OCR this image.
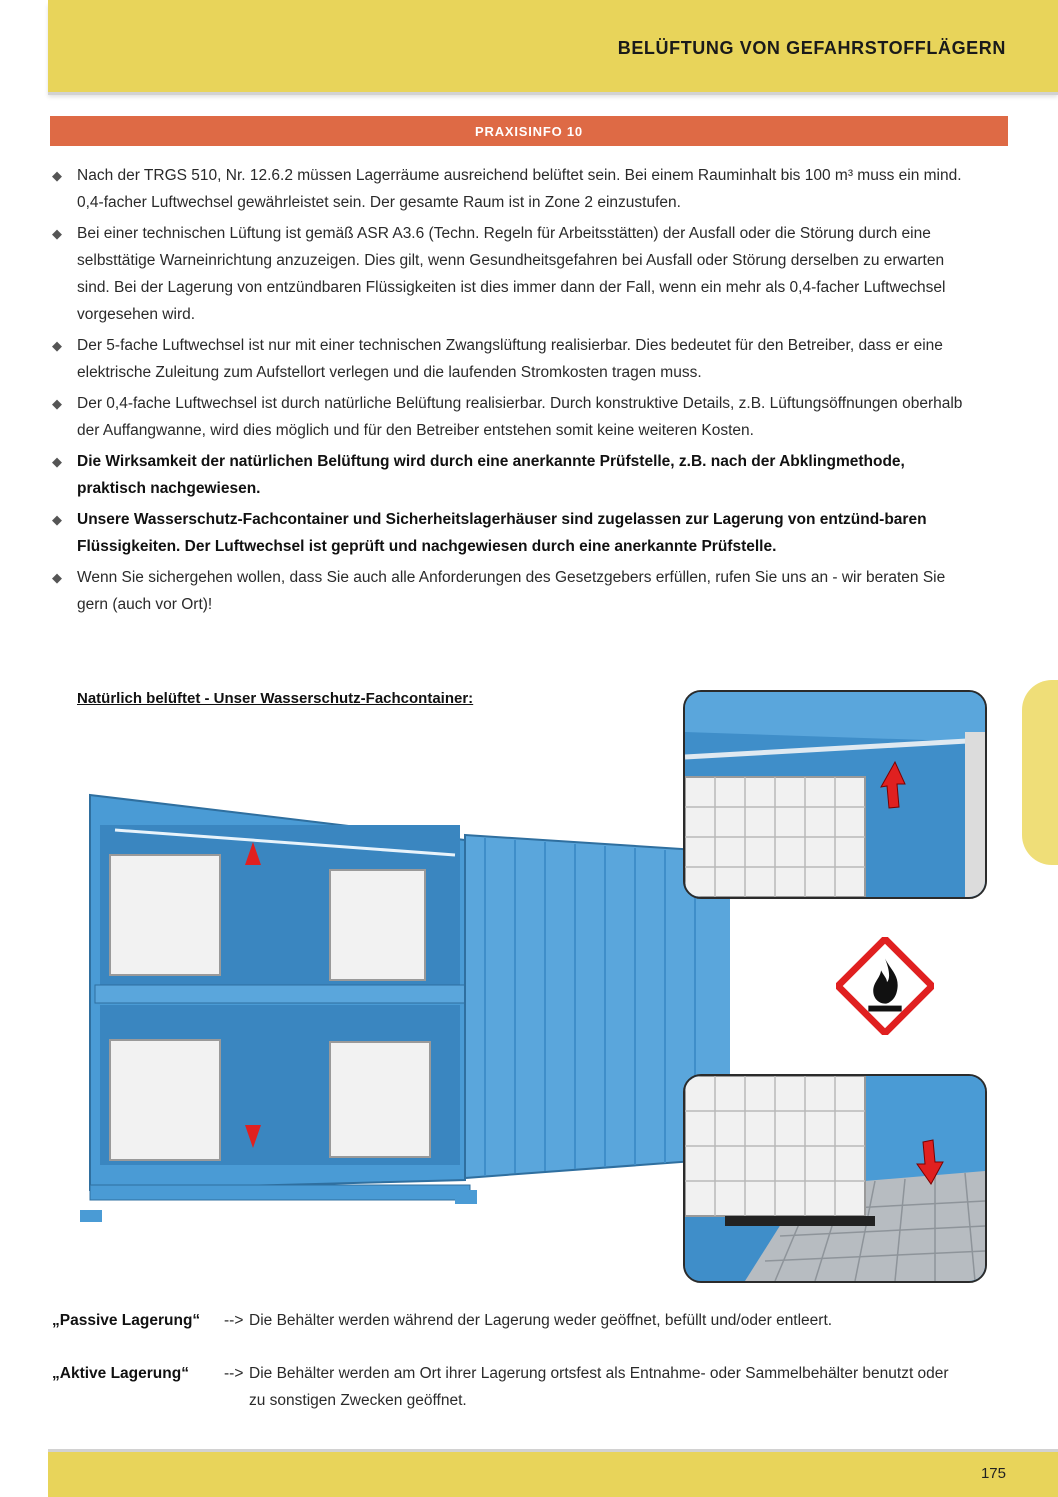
BELÜFTUNG VON GEFAHRSTOFFLÄGERN
PRAXISINFO 10
◆ Nach der TRGS 510, Nr. 12.6.2 müssen Lagerräume ausreichend belüftet sein. Bei einem Rauminhalt bis 100 m³ muss ein mind. 0,4-facher Luftwechsel gewährleistet sein. Der gesamte Raum ist in Zone 2 einzustufen.
◆ Bei einer technischen Lüftung ist gemäß ASR A3.6 (Techn. Regeln für Arbeitsstätten) der Ausfall oder die Störung durch eine selbsttätige Warneinrichtung anzuzeigen. Dies gilt, wenn Gesundheitsgefahren bei Ausfall oder Störung derselben zu erwarten sind. Bei der Lagerung von entzündbaren Flüssigkeiten ist dies immer dann der Fall, wenn ein mehr als 0,4-facher Luftwechsel vorgesehen wird.
◆ Der 5-fache Luftwechsel ist nur mit einer technischen Zwangslüftung realisierbar. Dies bedeutet für den Betreiber, dass er eine elektrische Zuleitung zum Aufstellort verlegen und die laufenden Stromkosten tragen muss.
◆ Der 0,4-fache Luftwechsel ist durch natürliche Belüftung realisierbar. Durch konstruktive Details, z.B. Lüftungsöffnungen oberhalb der Auffangwanne, wird dies möglich und für den Betreiber entstehen somit keine weiteren Kosten.
◆ Die Wirksamkeit der natürlichen Belüftung wird durch eine anerkannte Prüfstelle, z.B. nach der Abklingmethode, praktisch nachgewiesen.
◆ Unsere Wasserschutz-Fachcontainer und Sicherheitslagerhäuser sind zugelassen zur Lagerung von entzünd-baren Flüssigkeiten. Der Luftwechsel ist geprüft und nachgewiesen durch eine anerkannte Prüfstelle.
◆ Wenn Sie sichergehen wollen, dass Sie auch alle Anforderungen des Gesetzgebers erfüllen, rufen Sie uns an - wir beraten Sie gern (auch vor Ort)!
Natürlich belüftet - Unser Wasserschutz-Fachcontainer:
„Passive Lagerung“ --> Die Behälter werden während der Lagerung weder geöffnet, befüllt und/oder entleert.
„Aktive Lagerung“ --> Die Behälter werden am Ort ihrer Lagerung ortsfest als Entnahme- oder Sammelbehälter benutzt oder zu sonstigen Zwecken geöffnet.
175
